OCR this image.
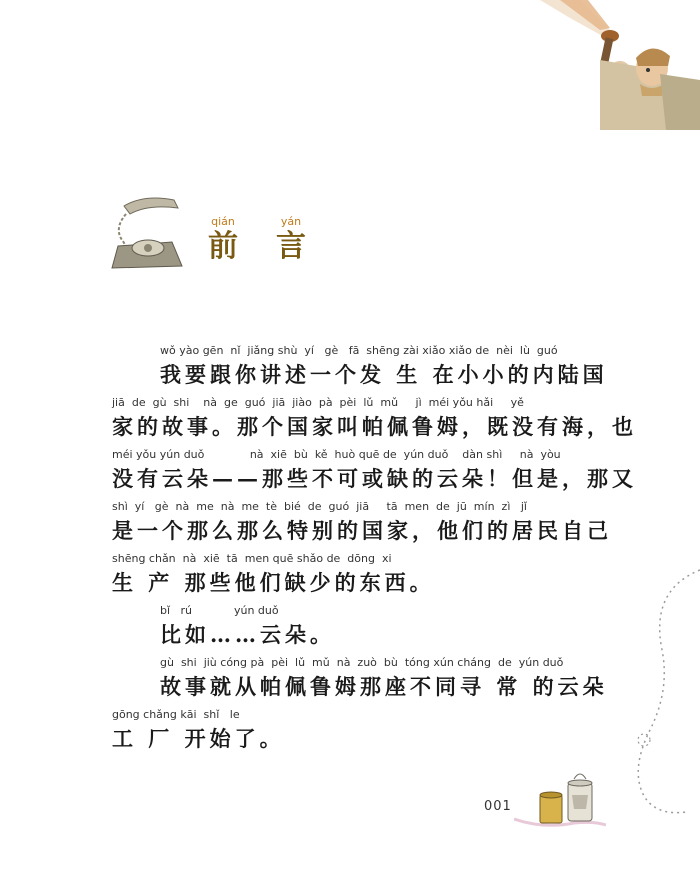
qián
前
yán
言
wǒ yào gēn  nǐ  jiǎng shù  yí   gè   fā  shēng zài xiǎo xiǎo de  nèi  lù  guó
我要跟你讲述一个发 生 在小小的内陆国
jiā  de  gù  shi    nà  ge  guó  jiā  jiào  pà  pèi  lǔ  mǔ     jì  méi yǒu hǎi     yě
家的故事。那个国家叫帕佩鲁姆，既没有海，也
méi yǒu yún duǒ             nà  xiē  bù  kě  huò quē de  yún duǒ    dàn shì     nà  yòu
没有云朵——那些不可或缺的云朵！但是，那又
shì  yí   gè  nà  me  nà  me  tè  bié  de  guó  jiā     tā  men  de  jū  mín  zì   jǐ
是一个那么那么特别的国家，他们的居民自己
shēng chǎn  nà  xiē  tā  men quē shǎo de  dōng  xi
生 产 那些他们缺少的东西。
bǐ   rú            yún duǒ
比如……云朵。
gù  shi  jiù cóng pà  pèi  lǔ  mǔ  nà  zuò  bù  tóng xún cháng  de  yún duǒ
故事就从帕佩鲁姆那座不同寻 常 的云朵
gōng chǎng kāi  shǐ   le
工 厂 开始了。
001
